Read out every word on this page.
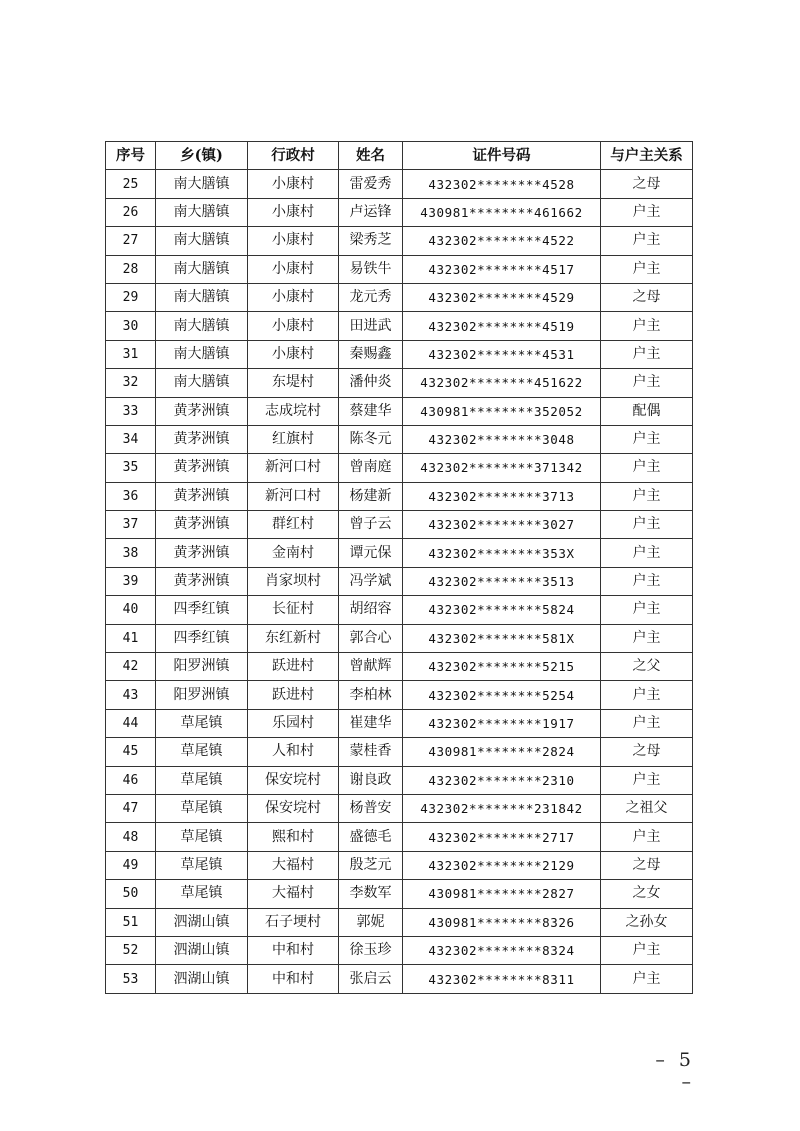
序号	乡(镇)	行政村	姓名	证件号码	与户主关系
25	南大膳镇	小康村	雷爱秀	432302********4528	之母
26	南大膳镇	小康村	卢运锋	430981********461662	户主
27	南大膳镇	小康村	梁秀芝	432302********4522	户主
28	南大膳镇	小康村	易铁牛	432302********4517	户主
29	南大膳镇	小康村	龙元秀	432302********4529	之母
30	南大膳镇	小康村	田进武	432302********4519	户主
31	南大膳镇	小康村	秦赐鑫	432302********4531	户主
32	南大膳镇	东堤村	潘仲炎	432302********451622	户主
33	黄茅洲镇	志成垸村	蔡建华	430981********352052	配偶
34	黄茅洲镇	红旗村	陈冬元	432302********3048	户主
35	黄茅洲镇	新河口村	曾南庭	432302********371342	户主
36	黄茅洲镇	新河口村	杨建新	432302********3713	户主
37	黄茅洲镇	群红村	曾子云	432302********3027	户主
38	黄茅洲镇	金南村	谭元保	432302********353X	户主
39	黄茅洲镇	肖家坝村	冯学斌	432302********3513	户主
40	四季红镇	长征村	胡绍容	432302********5824	户主
41	四季红镇	东红新村	郭合心	432302********581X	户主
42	阳罗洲镇	跃进村	曾献辉	432302********5215	之父
43	阳罗洲镇	跃进村	李柏林	432302********5254	户主
44	草尾镇	乐园村	崔建华	432302********1917	户主
45	草尾镇	人和村	蒙桂香	430981********2824	之母
46	草尾镇	保安垸村	谢良政	432302********2310	户主
47	草尾镇	保安垸村	杨普安	432302********231842	之祖父
48	草尾镇	熙和村	盛德毛	432302********2717	户主
49	草尾镇	大福村	殷芝元	432302********2129	之母
50	草尾镇	大福村	李数军	430981********2827	之女
51	泗湖山镇	石子埂村	郭妮	430981********8326	之孙女
52	泗湖山镇	中和村	徐玉珍	432302********8324	户主
53	泗湖山镇	中和村	张启云	432302********8311	户主
– 5 –
